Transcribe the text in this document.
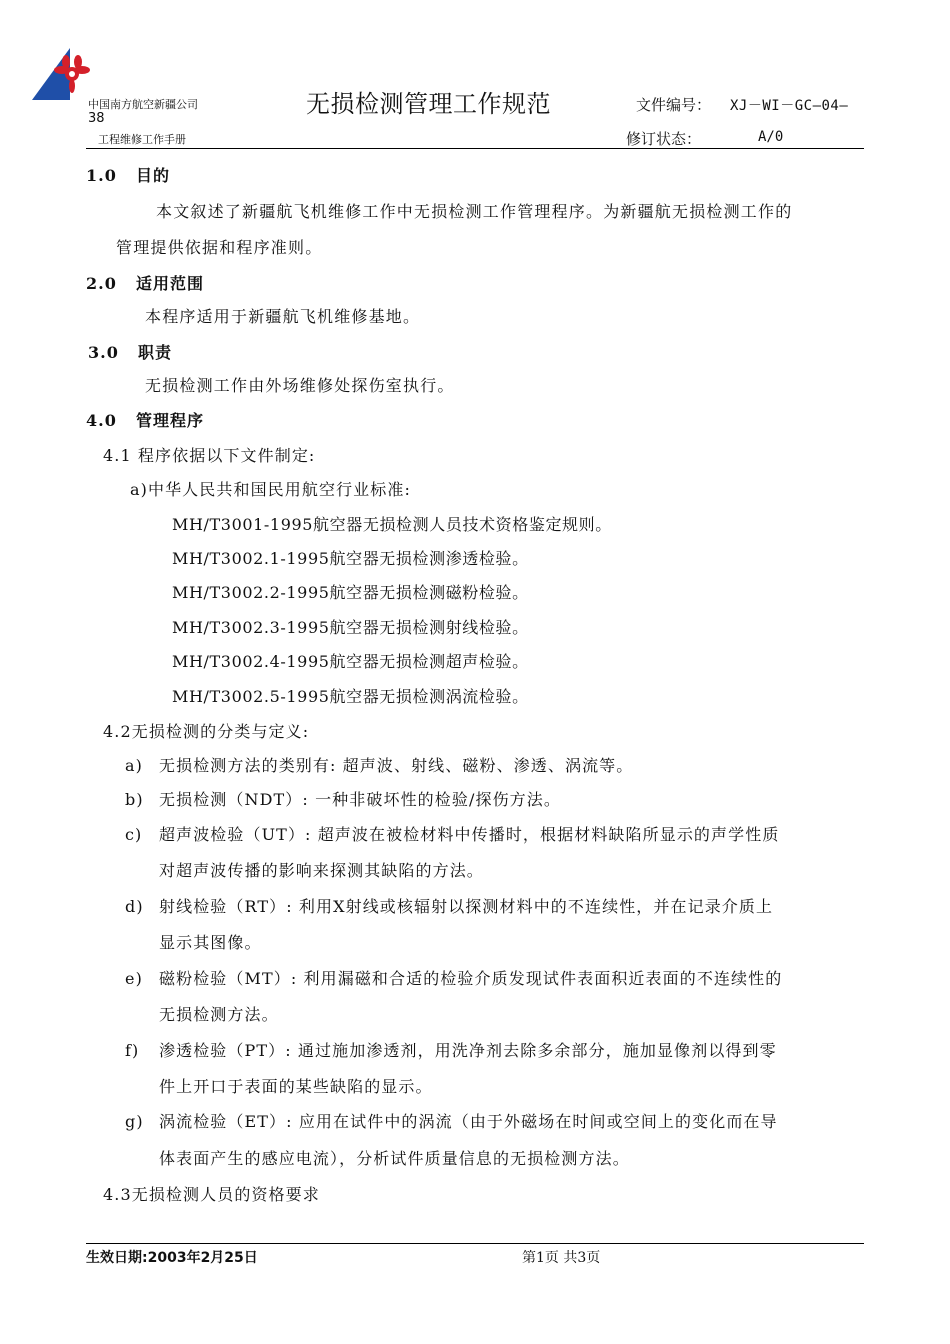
中国南方航空新疆公司
38
工程维修工作手册
无损检测管理工作规范	文件编号： XJ－WI－GC—04—
修订状态：	A/0
1.0 目的
本文叙述了新疆航飞机维修工作中无损检测工作管理程序。为新疆航无损检测工作的
管理提供依据和程序准则。
2.0 适用范围
本程序适用于新疆航飞机维修基地。
3.0 职责
无损检测工作由外场维修处探伤室执行。
4.0 管理程序
4.1 程序依据以下文件制定:
a)中华人民共和国民用航空行业标准:
MH/T3001-1995航空器无损检测人员技术资格鉴定规则。
MH/T3002.1-1995航空器无损检测渗透检验。
MH/T3002.2-1995航空器无损检测磁粉检验。
MH/T3002.3-1995航空器无损检测射线检验。
MH/T3002.4-1995航空器无损检测超声检验。
MH/T3002.5-1995航空器无损检测涡流检验。
4.2无损检测的分类与定义:
a) 无损检测方法的类别有: 超声波、射线、磁粉、渗透、涡流等。
b) 无损检测（NDT）: 一种非破坏性的检验/探伤方法。
c) 超声波检验（UT）: 超声波在被检材料中传播时，根据材料缺陷所显示的声学性质
对超声波传播的影响来探测其缺陷的方法。
d) 射线检验（RT）: 利用X射线或核辐射以探测材料中的不连续性，并在记录介质上
显示其图像。
e) 磁粉检验（MT）: 利用漏磁和合适的检验介质发现试件表面积近表面的不连续性的
无损检测方法。
f) 渗透检验（PT）: 通过施加渗透剂，用洗净剂去除多余部分，施加显像剂以得到零
件上开口于表面的某些缺陷的显示。
g) 涡流检验（ET）: 应用在试件中的涡流（由于外磁场在时间或空间上的变化而在导
体表面产生的感应电流），分析试件质量信息的无损检测方法。
4.3无损检测人员的资格要求
生效日期:2003年2月25日	第1页 共3页
